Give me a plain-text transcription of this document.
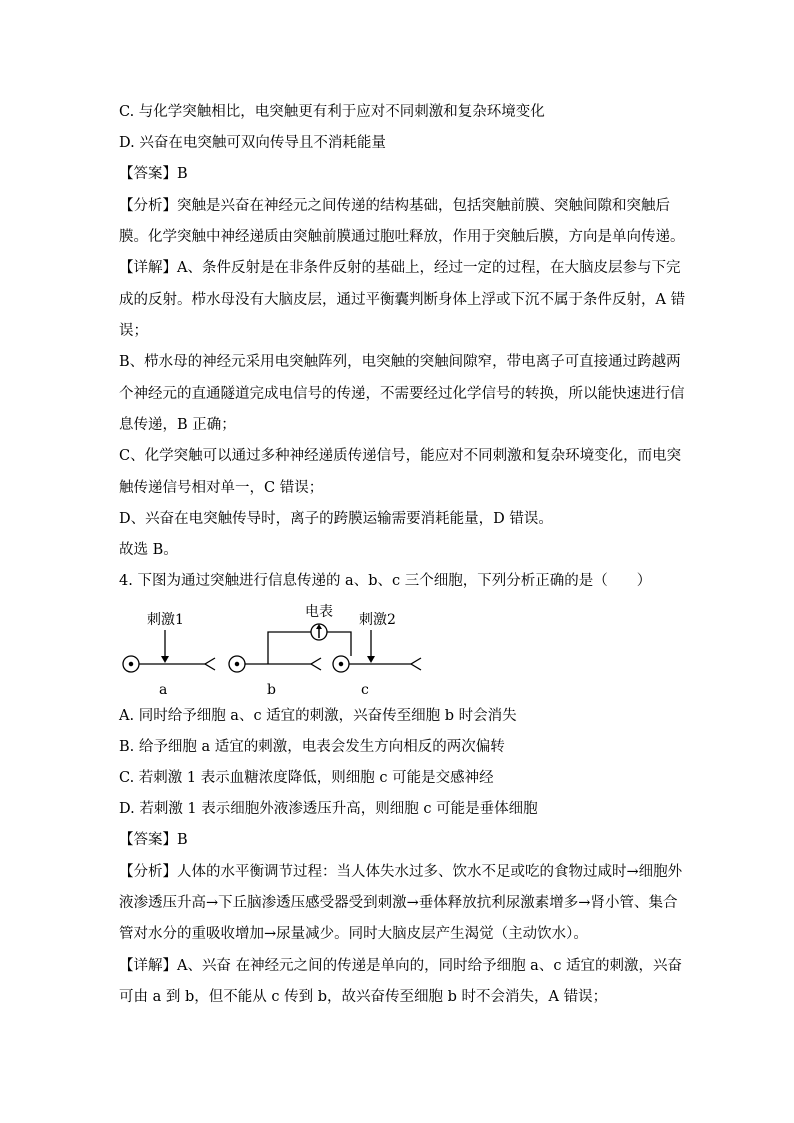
C. 与化学突触相比，电突触更有利于应对不同刺激和复杂环境变化
D. 兴奋在电突触可双向传导且不消耗能量
【答案】B
【分析】突触是兴奋在神经元之间传递的结构基础，包括突触前膜、突触间隙和突触后
膜。化学突触中神经递质由突触前膜通过胞吐释放，作用于突触后膜，方向是单向传递。
【详解】A、条件反射是在非条件反射的基础上，经过一定的过程，在大脑皮层参与下完
成的反射。栉水母没有大脑皮层，通过平衡囊判断身体上浮或下沉不属于条件反射，A 错
误；
B、栉水母的神经元采用电突触阵列，电突触的突触间隙窄，带电离子可直接通过跨越两
个神经元的直通隧道完成电信号的传递，不需要经过化学信号的转换，所以能快速进行信
息传递，B 正确；
C、化学突触可以通过多种神经递质传递信号，能应对不同刺激和复杂环境变化，而电突
触传递信号相对单一，C 错误；
D、兴奋在电突触传导时，离子的跨膜运输需要消耗能量，D 错误。
故选 B。
4. 下图为通过突触进行信息传递的 a、b、c 三个细胞，下列分析正确的是（　　）
刺激1	电表 刺激2
a	b	c
A. 同时给予细胞 a、c 适宜的刺激，兴奋传至细胞 b 时会消失
B. 给予细胞 a 适宜的刺激，电表会发生方向相反的两次偏转
C. 若刺激 1 表示血糖浓度降低，则细胞 c 可能是交感神经
D. 若刺激 1 表示细胞外液渗透压升高，则细胞 c 可能是垂体细胞
【答案】B
【分析】人体的水平衡调节过程：当人体失水过多、饮水不足或吃的食物过咸时→细胞外
液渗透压升高→下丘脑渗透压感受器受到刺激→垂体释放抗利尿激素增多→肾小管、集合
管对水分的重吸收增加→尿量减少。同时大脑皮层产生渴觉（主动饮水）。
【详解】A、兴奋 在神经元之间的传递是单向的，同时给予细胞 a、c 适宜的刺激，兴奋
可由 a 到 b，但不能从 c 传到 b，故兴奋传至细胞 b 时不会消失，A 错误；
